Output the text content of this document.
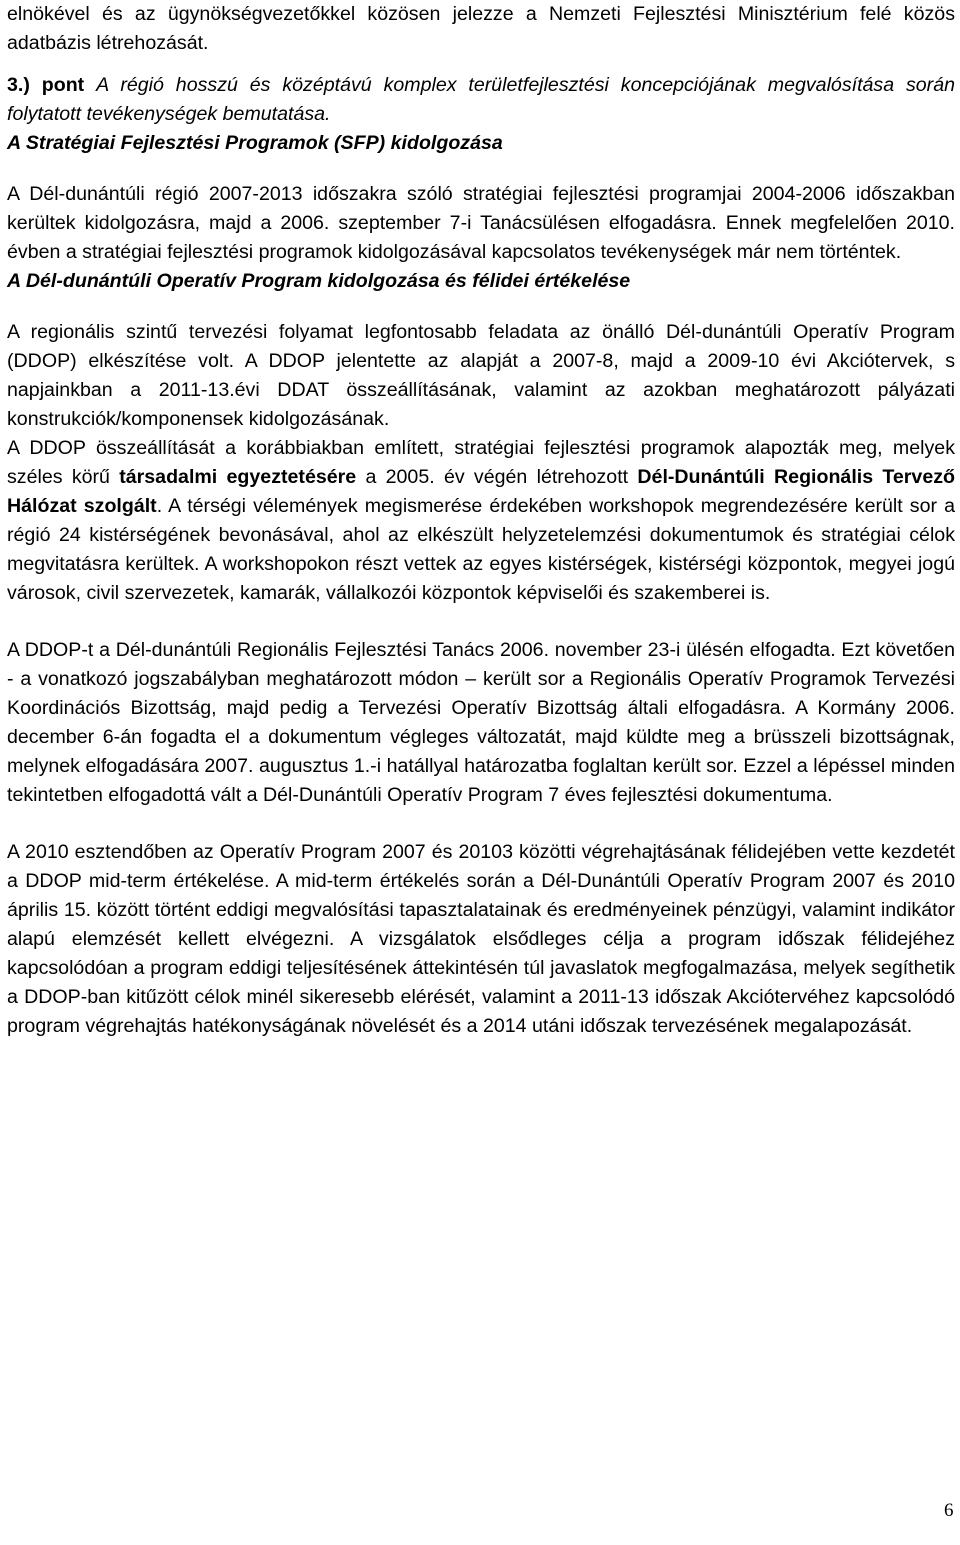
elnökével és az ügynökségvezetőkkel közösen jelezze a Nemzeti Fejlesztési Minisztérium felé közös adatbázis létrehozását.

3.) pont A régió hosszú és középtávú komplex területfejlesztési koncepciójának megvalósítása során folytatott tevékenységek bemutatása.

A Stratégiai Fejlesztési Programok (SFP) kidolgozása

A Dél-dunántúli régió 2007-2013 időszakra szóló stratégiai fejlesztési programjai 2004-2006 időszakban kerültek kidolgozásra, majd a 2006. szeptember 7-i Tanácsülésen elfogadásra. Ennek megfelelően 2010. évben a stratégiai fejlesztési programok kidolgozásával kapcsolatos tevékenységek már nem történtek.

A Dél-dunántúli Operatív Program kidolgozása és félidei értékelése

A regionális szintű tervezési folyamat legfontosabb feladata az önálló Dél-dunántúli Operatív Program (DDOP) elkészítése volt. A DDOP jelentette az alapját a 2007-8, majd a 2009-10 évi Akciótervek, s napjainkban a 2011-13.évi DDAT összeállításának, valamint az azokban meghatározott pályázati konstrukciók/komponensek kidolgozásának.

A DDOP összeállítását a korábbiakban említett, stratégiai fejlesztési programok alapozták meg, melyek széles körű társadalmi egyeztetésére a 2005. év végén létrehozott Dél-Dunántúli Regionális Tervező Hálózat szolgált. A térségi vélemények megismerése érdekében workshopok megrendezésére került sor a régió 24 kistérségének bevonásával, ahol az elkészült helyzetelemzési dokumentumok és stratégiai célok megvitatásra kerültek. A workshopokon részt vettek az egyes kistérségek, kistérségi központok, megyei jogú városok, civil szervezetek, kamarák, vállalkozói központok képviselői és szakemberei is.

A DDOP-t a Dél-dunántúli Regionális Fejlesztési Tanács 2006. november 23-i ülésén elfogadta. Ezt követően - a vonatkozó jogszabályban meghatározott módon – került sor a Regionális Operatív Programok Tervezési Koordinációs Bizottság, majd pedig a Tervezési Operatív Bizottság általi elfogadásra. A Kormány 2006. december 6-án fogadta el a dokumentum végleges változatát, majd küldte meg a brüsszeli bizottságnak, melynek elfogadására 2007. augusztus 1.-i hatállyal határozatba foglaltan került sor. Ezzel a lépéssel minden tekintetben elfogadottá vált a Dél-Dunántúli Operatív Program 7 éves fejlesztési dokumentuma.

A 2010 esztendőben az Operatív Program 2007 és 20103 közötti végrehajtásának félidejében vette kezdetét a DDOP mid-term értékelése. A mid-term értékelés során a Dél-Dunántúli Operatív Program 2007 és 2010 április 15. között történt eddigi megvalósítási tapasztalatainak és eredményeinek pénzügyi, valamint indikátor alapú elemzését kellett elvégezni. A vizsgálatok elsődleges célja a program időszak félidejéhez kapcsolódóan a program eddigi teljesítésének áttekintésén túl javaslatok megfogalmazása, melyek segíthetik a DDOP-ban kitűzött célok minél sikeresebb elérését, valamint a 2011-13 időszak Akciótervéhez kapcsolódó program végrehajtás hatékonyságának növelését és a 2014 utáni időszak tervezésének megalapozását.

6
